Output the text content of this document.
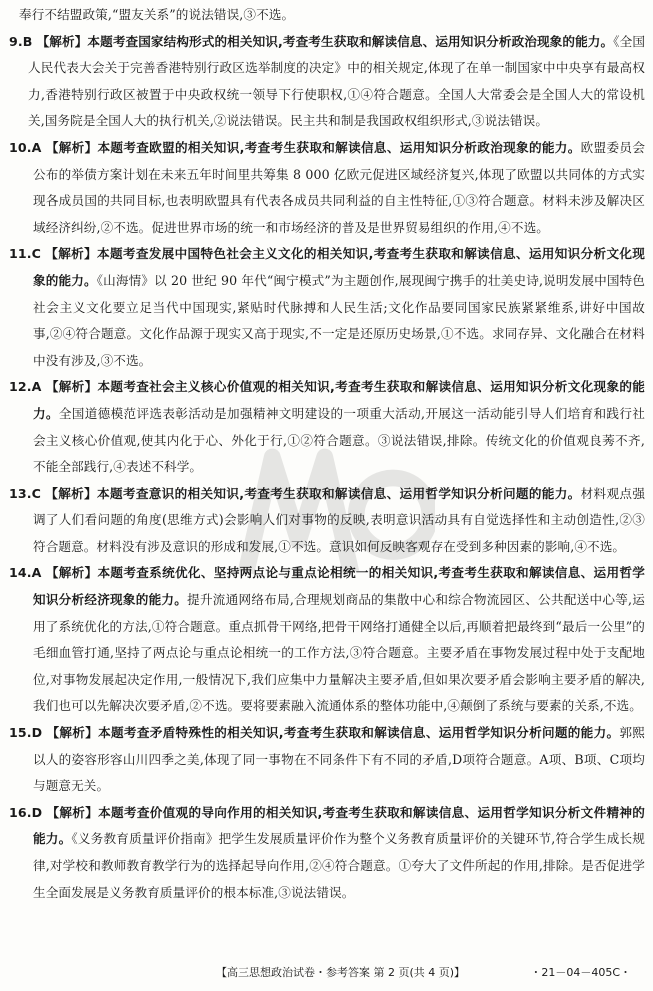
奉行不结盟政策,“盟友关系”的说法错误,③不选。
9.B 【解析】本题考查国家结构形式的相关知识,考查考生获取和解读信息、运用知识分析政治现象的能力。《全国人民代表大会关于完善香港特别行政区选举制度的决定》中的相关规定,体现了在单一制国家中中央享有最高权力,香港特别行政区被置于中央政权统一领导下行使职权,①④符合题意。全国人大常委会是全国人大的常设机关,国务院是全国人大的执行机关,②说法错误。民主共和制是我国政权组织形式,③说法错误。
10.A 【解析】本题考查欧盟的相关知识,考查考生获取和解读信息、运用知识分析政治现象的能力。欧盟委员会公布的举债方案计划在未来五年时间里共筹集 8 000 亿欧元促进区域经济复兴,体现了欧盟以共同体的方式实现各成员国的共同目标,也表明欧盟具有代表各成员共同利益的自主性特征,①③符合题意。材料未涉及解决区域经济纠纷,②不选。促进世界市场的统一和市场经济的普及是世界贸易组织的作用,④不选。
11.C 【解析】本题考查发展中国特色社会主义文化的相关知识,考查考生获取和解读信息、运用知识分析文化现象的能力。《山海情》以 20 世纪 90 年代“闽宁模式”为主题创作,展现闽宁携手的壮美史诗,说明发展中国特色社会主义文化要立足当代中国现实,紧贴时代脉搏和人民生活;文化作品要同国家民族紧紧维系,讲好中国故事,②④符合题意。文化作品源于现实又高于现实,不一定是还原历史场景,①不选。求同存异、文化融合在材料中没有涉及,③不选。
12.A 【解析】本题考查社会主义核心价值观的相关知识,考查考生获取和解读信息、运用知识分析文化现象的能力。全国道德模范评选表彰活动是加强精神文明建设的一项重大活动,开展这一活动能引导人们培育和践行社会主义核心价值观,使其内化于心、外化于行,①②符合题意。③说法错误,排除。传统文化的价值观良莠不齐,不能全部践行,④表述不科学。
13.C 【解析】本题考查意识的相关知识,考查考生获取和解读信息、运用哲学知识分析问题的能力。材料观点强调了人们看问题的角度(思维方式)会影响人们对事物的反映,表明意识活动具有自觉选择性和主动创造性,②③符合题意。材料没有涉及意识的形成和发展,①不选。意识如何反映客观存在受到多种因素的影响,④不选。
14.A 【解析】本题考查系统优化、坚持两点论与重点论相统一的相关知识,考查考生获取和解读信息、运用哲学知识分析经济现象的能力。提升流通网络布局,合理规划商品的集散中心和综合物流园区、公共配送中心等,运用了系统优化的方法,①符合题意。重点抓骨干网络,把骨干网络打通健全以后,再顺着把最终到“最后一公里”的毛细血管打通,坚持了两点论与重点论相统一的工作方法,③符合题意。主要矛盾在事物发展过程中处于支配地位,对事物发展起决定作用,一般情况下,我们应集中力量解决主要矛盾,但如果次要矛盾会影响主要矛盾的解决,我们也可以先解决次要矛盾,②不选。要将要素融入流通体系的整体功能中,④颠倒了系统与要素的关系,不选。
15.D 【解析】本题考查矛盾特殊性的相关知识,考查考生获取和解读信息、运用哲学知识分析问题的能力。郭熙以人的姿容形容山川四季之美,体现了同一事物在不同条件下有不同的矛盾,D项符合题意。A项、B项、C项均与题意无关。
16.D 【解析】本题考查价值观的导向作用的相关知识,考查考生获取和解读信息、运用哲学知识分析文件精神的能力。《义务教育质量评价指南》把学生发展质量评价作为整个义务教育质量评价的关键环节,符合学生成长规律,对学校和教师教育教学行为的选择起导向作用,②④符合题意。①夸大了文件所起的作用,排除。是否促进学生全面发展是义务教育质量评价的根本标准,③说法错误。
【高三思想政治试卷・参考答案 第 2 页(共 4 页)】	・21－04－405C・
